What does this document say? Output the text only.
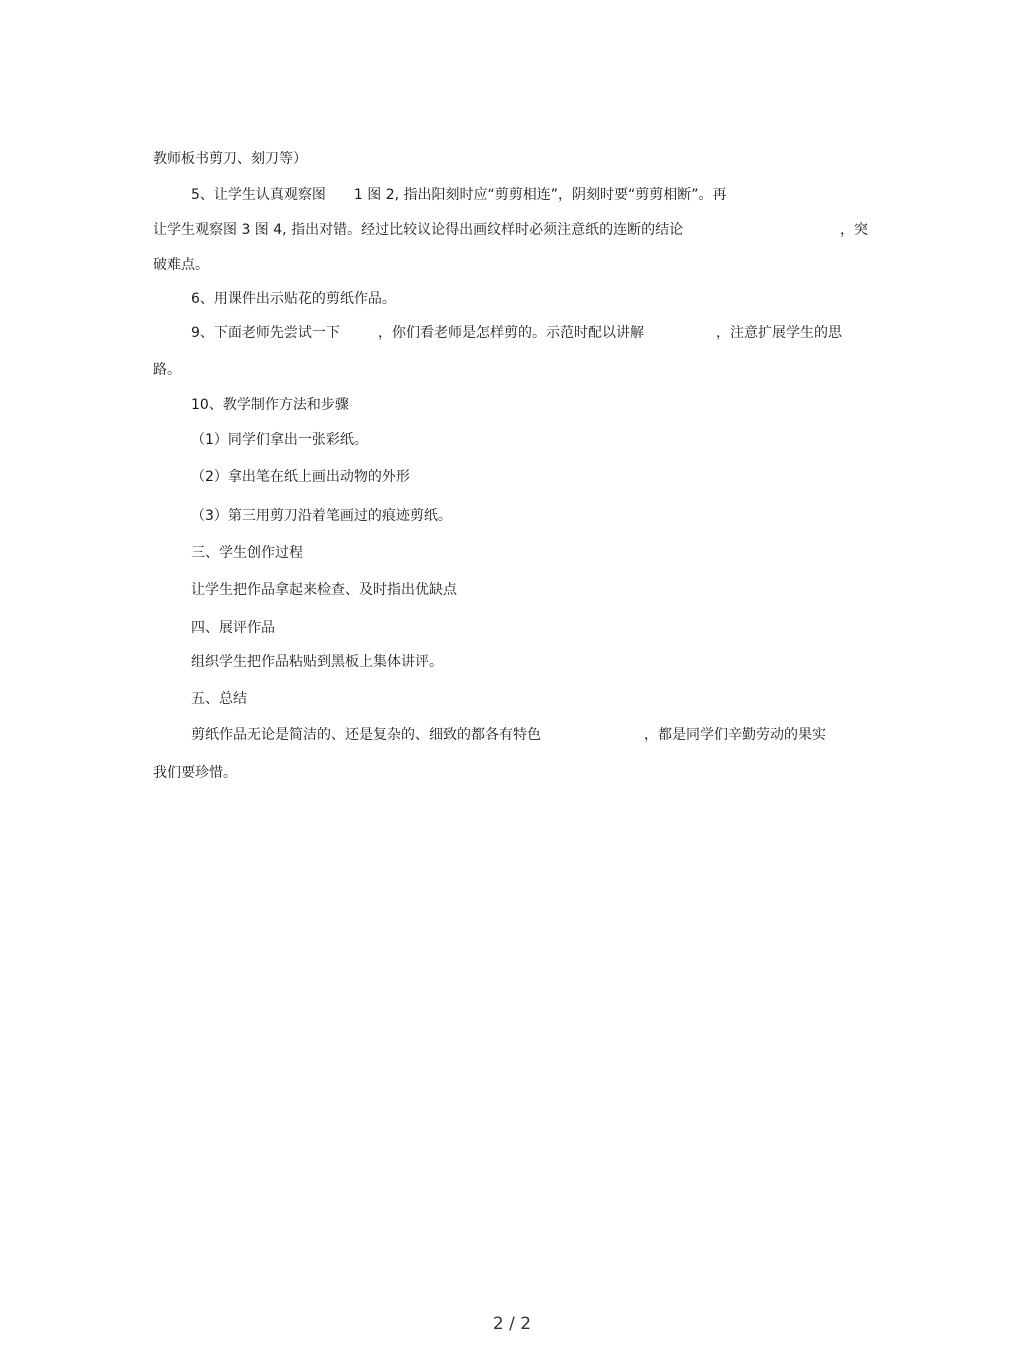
教师板书剪刀、刻刀等）
5、让学生认真观察图　　1 图 2, 指出阳刻时应“剪剪相连”，阴刻时要“剪剪相断”。再
让学生观察图 3 图 4, 指出对错。经过比较议论得出画纹样时必须注意纸的连断的结论	，突
破难点。
6、用课件出示贴花的剪纸作品。
9、下面老师先尝试一下	，你们看老师是怎样剪的。示范时配以讲解	，注意扩展学生的思
路。
10、教学制作方法和步骤
（1）同学们拿出一张彩纸。
（2）拿出笔在纸上画出动物的外形
（3）第三用剪刀沿着笔画过的痕迹剪纸。
三、学生创作过程
让学生把作品拿起来检查、及时指出优缺点
四、展评作品
组织学生把作品粘贴到黑板上集体讲评。
五、总结
剪纸作品无论是简洁的、还是复杂的、细致的都各有特色	，都是同学们辛勤劳动的果实
我们要珍惜。
2 / 2
